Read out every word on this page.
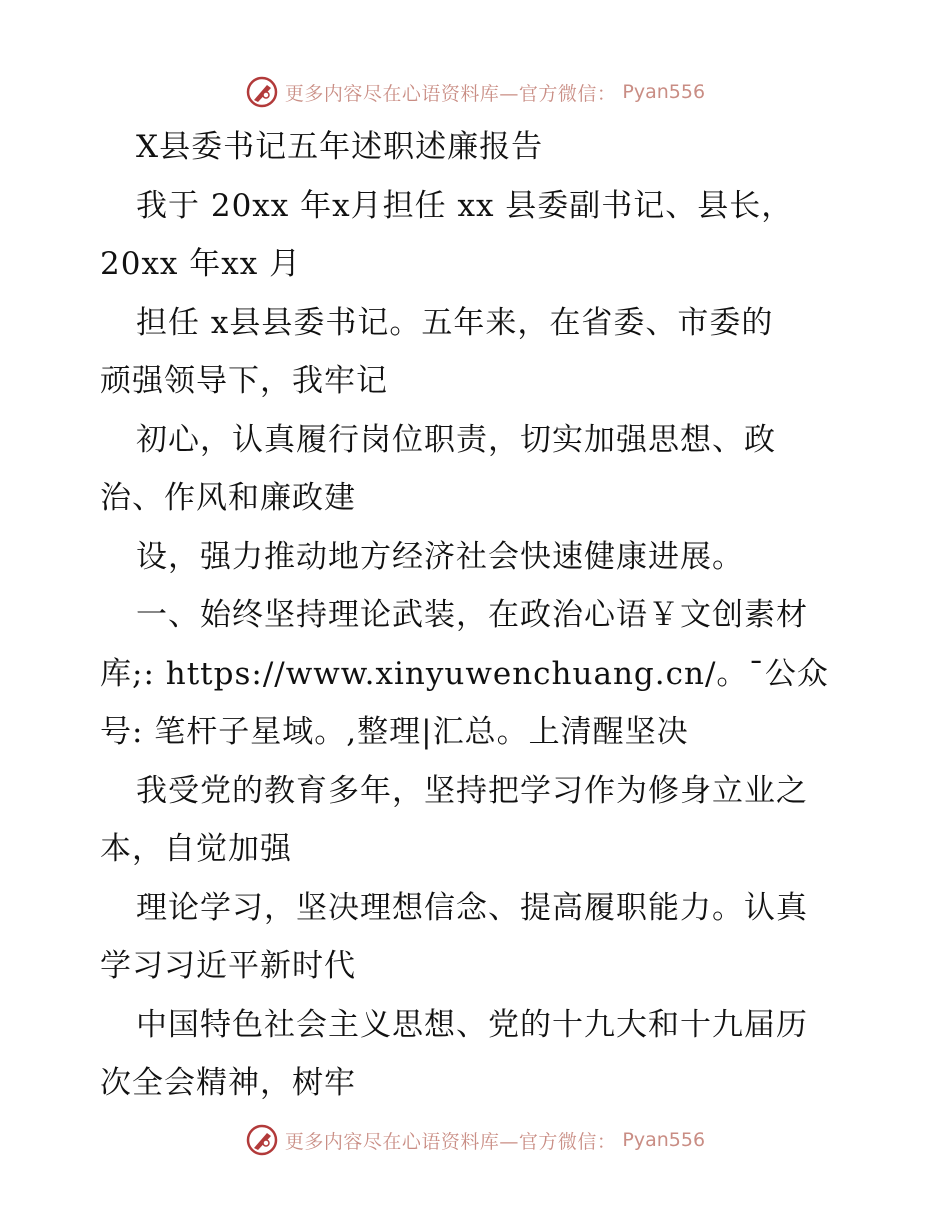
更多内容尽在心语资料库—官方微信： Pyan556
X县委书记五年述职述廉报告
我于 20xx 年x月担任 xx 县委副书记、县长，
20xx 年xx 月
担任 x县县委书记。五年来，在省委、市委的
顽强领导下，我牢记
初心，认真履行岗位职责，切实加强思想、政
治、作风和廉政建
设，强力推动地方经济社会快速健康进展。
一、始终坚持理论武装，在政治心语￥文创素材
库;: https://www.xinyuwenchuang.cn/。¯公众
号: 笔杆子星域。,整理|汇总。上清醒坚决
我受党的教育多年，坚持把学习作为修身立业之
本，自觉加强
理论学习，坚决理想信念、提高履职能力。认真
学习习近平新时代
中国特色社会主义思想、党的十九大和十九届历
次全会精神，树牢
更多内容尽在心语资料库—官方微信： Pyan556
